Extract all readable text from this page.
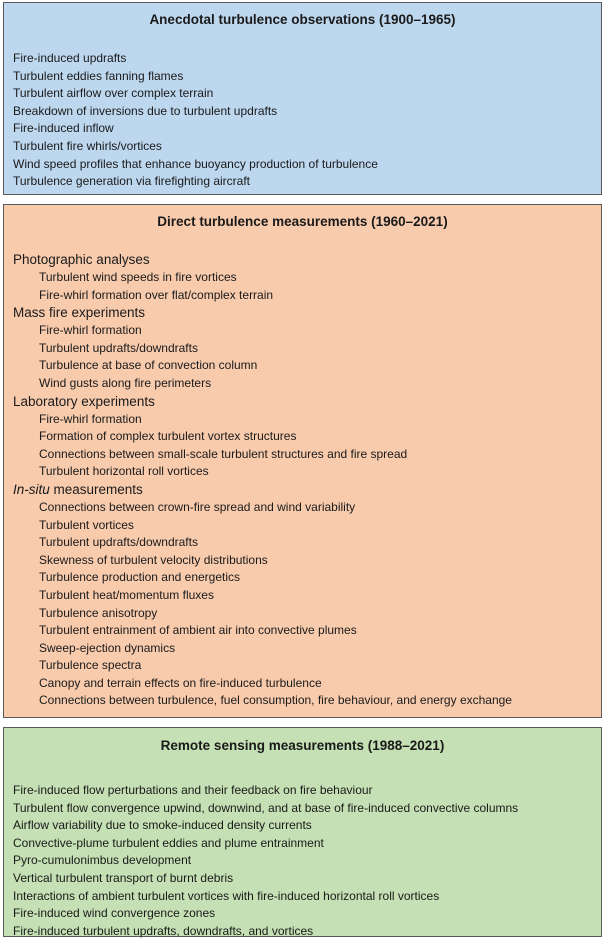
Anecdotal turbulence observations (1900–1965)
Fire-induced updrafts
Turbulent eddies fanning flames
Turbulent airflow over complex terrain
Breakdown of inversions due to turbulent updrafts
Fire-induced inflow
Turbulent fire whirls/vortices
Wind speed profiles that enhance buoyancy production of turbulence
Turbulence generation via firefighting aircraft
Direct turbulence measurements (1960–2021)
Photographic analyses
Turbulent wind speeds in fire vortices
Fire-whirl formation over flat/complex terrain
Mass fire experiments
Fire-whirl formation
Turbulent updrafts/downdrafts
Turbulence at base of convection column
Wind gusts along fire perimeters
Laboratory experiments
Fire-whirl formation
Formation of complex turbulent vortex structures
Connections between small-scale turbulent structures and fire spread
Turbulent horizontal roll vortices
In-situ measurements
Connections between crown-fire spread and wind variability
Turbulent vortices
Turbulent updrafts/downdrafts
Skewness of turbulent velocity distributions
Turbulence production and energetics
Turbulent heat/momentum fluxes
Turbulence anisotropy
Turbulent entrainment of ambient air into convective plumes
Sweep-ejection dynamics
Turbulence spectra
Canopy and terrain effects on fire-induced turbulence
Connections between turbulence, fuel consumption, fire behaviour, and energy exchange
Remote sensing measurements (1988–2021)
Fire-induced flow perturbations and their feedback on fire behaviour
Turbulent flow convergence upwind, downwind, and at base of fire-induced convective columns
Airflow variability due to smoke-induced density currents
Convective-plume turbulent eddies and plume entrainment
Pyro-cumulonimbus development
Vertical turbulent transport of burnt debris
Interactions of ambient turbulent vortices with fire-induced horizontal roll vortices
Fire-induced wind convergence zones
Fire-induced turbulent updrafts, downdrafts, and vortices
